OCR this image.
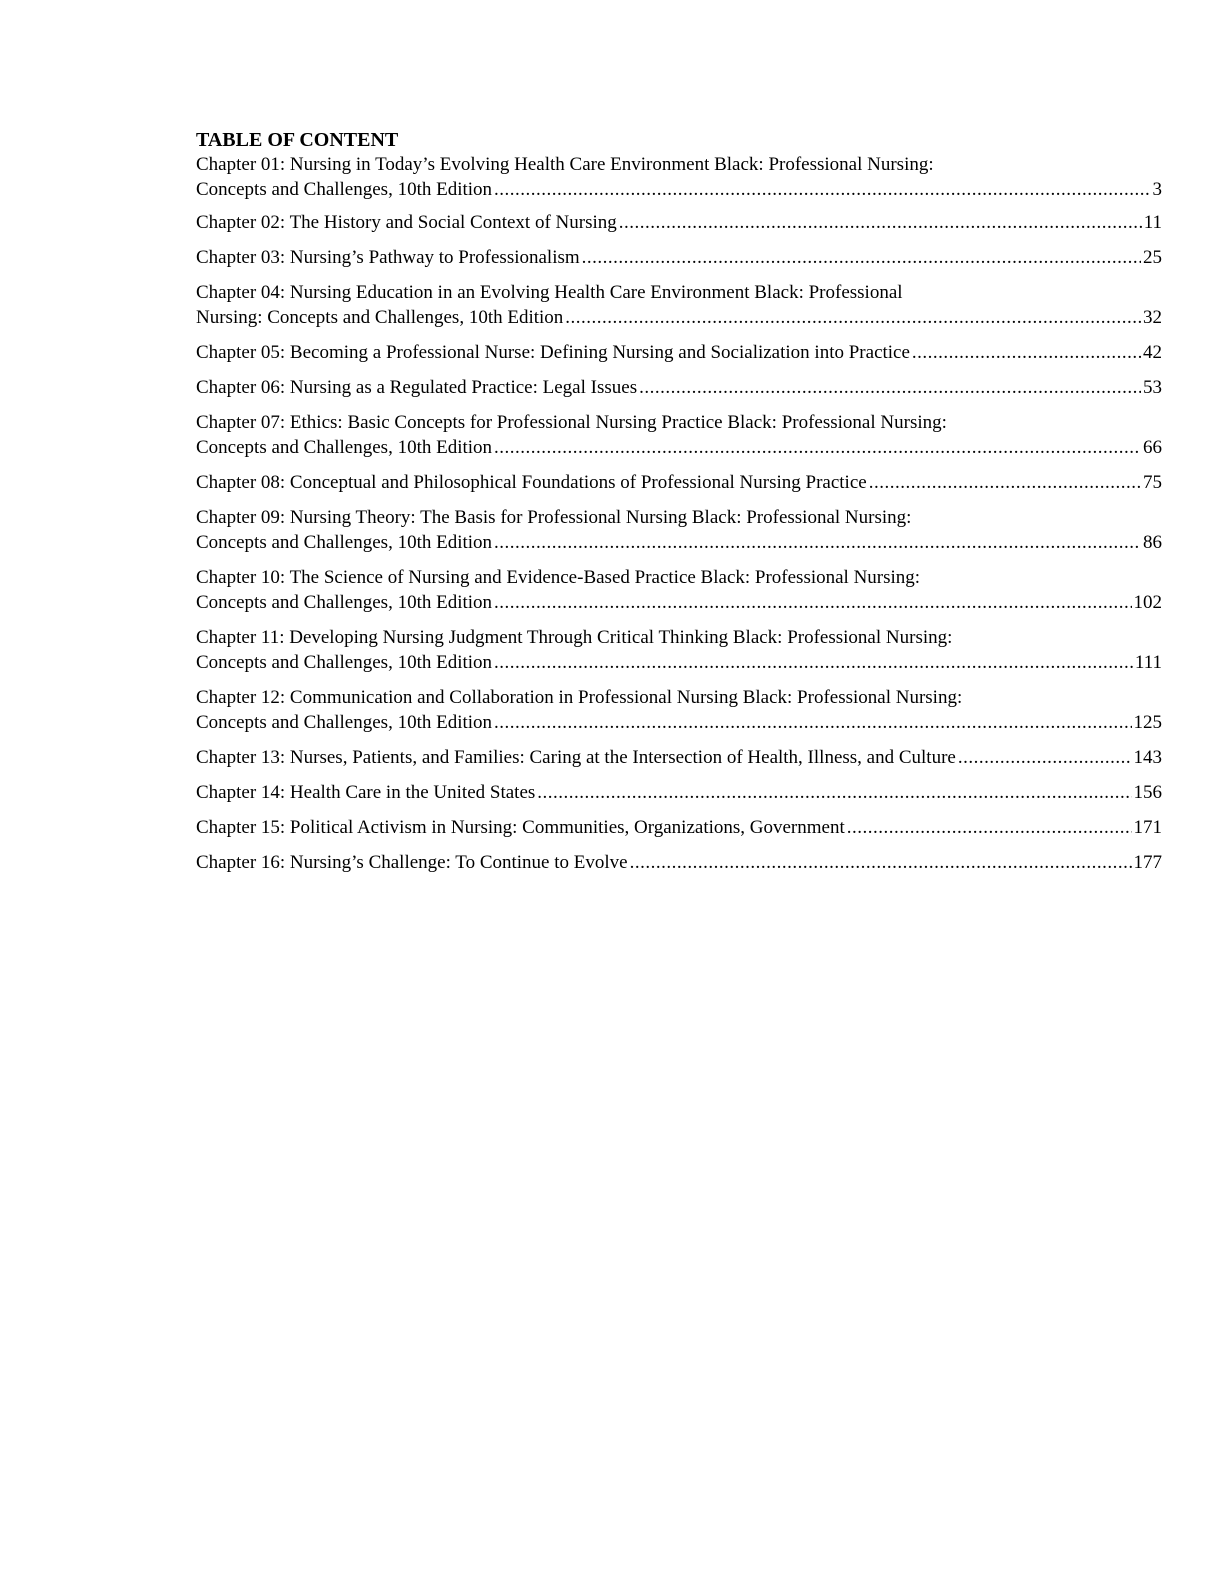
TABLE OF CONTENT
Chapter 01: Nursing in Today’s Evolving Health Care Environment Black: Professional Nursing:
Concepts and Challenges, 10th Edition .....	3
Chapter 02: The History and Social Context of Nursing .....	11
Chapter 03: Nursing’s Pathway to Professionalism .....	25
Chapter 04: Nursing Education in an Evolving Health Care Environment Black: Professional
Nursing: Concepts and Challenges, 10th Edition .....	32
Chapter 05: Becoming a Professional Nurse: Defining Nursing and Socialization into Practice .....	42
Chapter 06: Nursing as a Regulated Practice: Legal Issues .....	53
Chapter 07: Ethics: Basic Concepts for Professional Nursing Practice Black: Professional Nursing:
Concepts and Challenges, 10th Edition .....	66
Chapter 08: Conceptual and Philosophical Foundations of Professional Nursing Practice .....	75
Chapter 09: Nursing Theory: The Basis for Professional Nursing Black: Professional Nursing:
Concepts and Challenges, 10th Edition .....	86
Chapter 10: The Science of Nursing and Evidence-Based Practice Black: Professional Nursing:
Concepts and Challenges, 10th Edition .....	102
Chapter 11: Developing Nursing Judgment Through Critical Thinking Black: Professional Nursing:
Concepts and Challenges, 10th Edition .....	111
Chapter 12: Communication and Collaboration in Professional Nursing Black: Professional Nursing:
Concepts and Challenges, 10th Edition .....	125
Chapter 13: Nurses, Patients, and Families: Caring at the Intersection of Health, Illness, and Culture .....	143
Chapter 14: Health Care in the United States .....	156
Chapter 15: Political Activism in Nursing: Communities, Organizations, Government .....	171
Chapter 16: Nursing’s Challenge: To Continue to Evolve .....	177
